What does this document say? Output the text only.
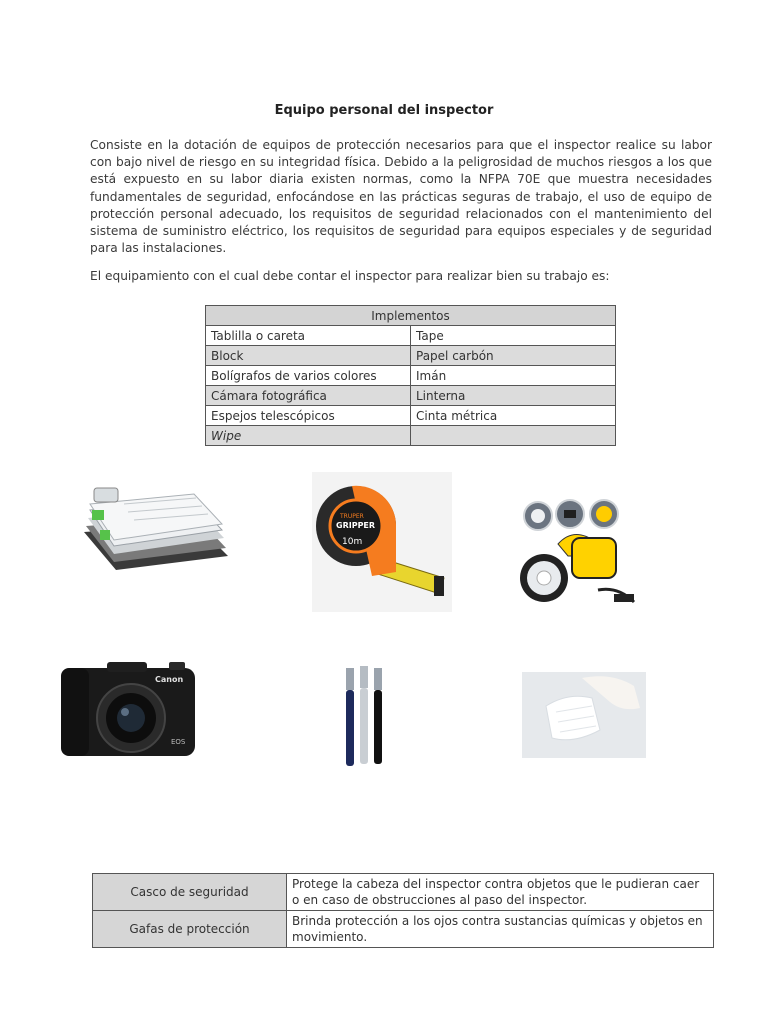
Equipo personal del inspector

Consiste en la dotación de equipos de protección necesarios para que el inspector realice su labor con bajo nivel de riesgo en su integridad física. Debido a la peligrosidad de muchos riesgos a los que está expuesto en su labor diaria existen normas, como la NFPA 70E que muestra necesidades fundamentales de seguridad, enfocándose en las prácticas seguras de trabajo, el uso de equipo de protección personal adecuado, los requisitos de seguridad relacionados con el mantenimiento del sistema de suministro eléctrico, los requisitos de seguridad para equipos especiales y de seguridad para las instalaciones.

El equipamiento con el cual debe contar el inspector para realizar bien su trabajo es:

Implementos	
Tablilla o careta	Tape
Block	Papel carbón
Bolígrafos de varios colores	Imán
Cámara fotográfica	Linterna
Espejos telescópicos	Cinta métrica
Wipe	
TRUPER
GRIPPER
10m
Canon
EOS
Casco de seguridad	Protege la cabeza del inspector contra objetos que le pudieran caer o en caso de obstrucciones al paso del inspector.
Gafas de protección	Brinda protección a los ojos contra sustancias químicas y objetos en movimiento.
